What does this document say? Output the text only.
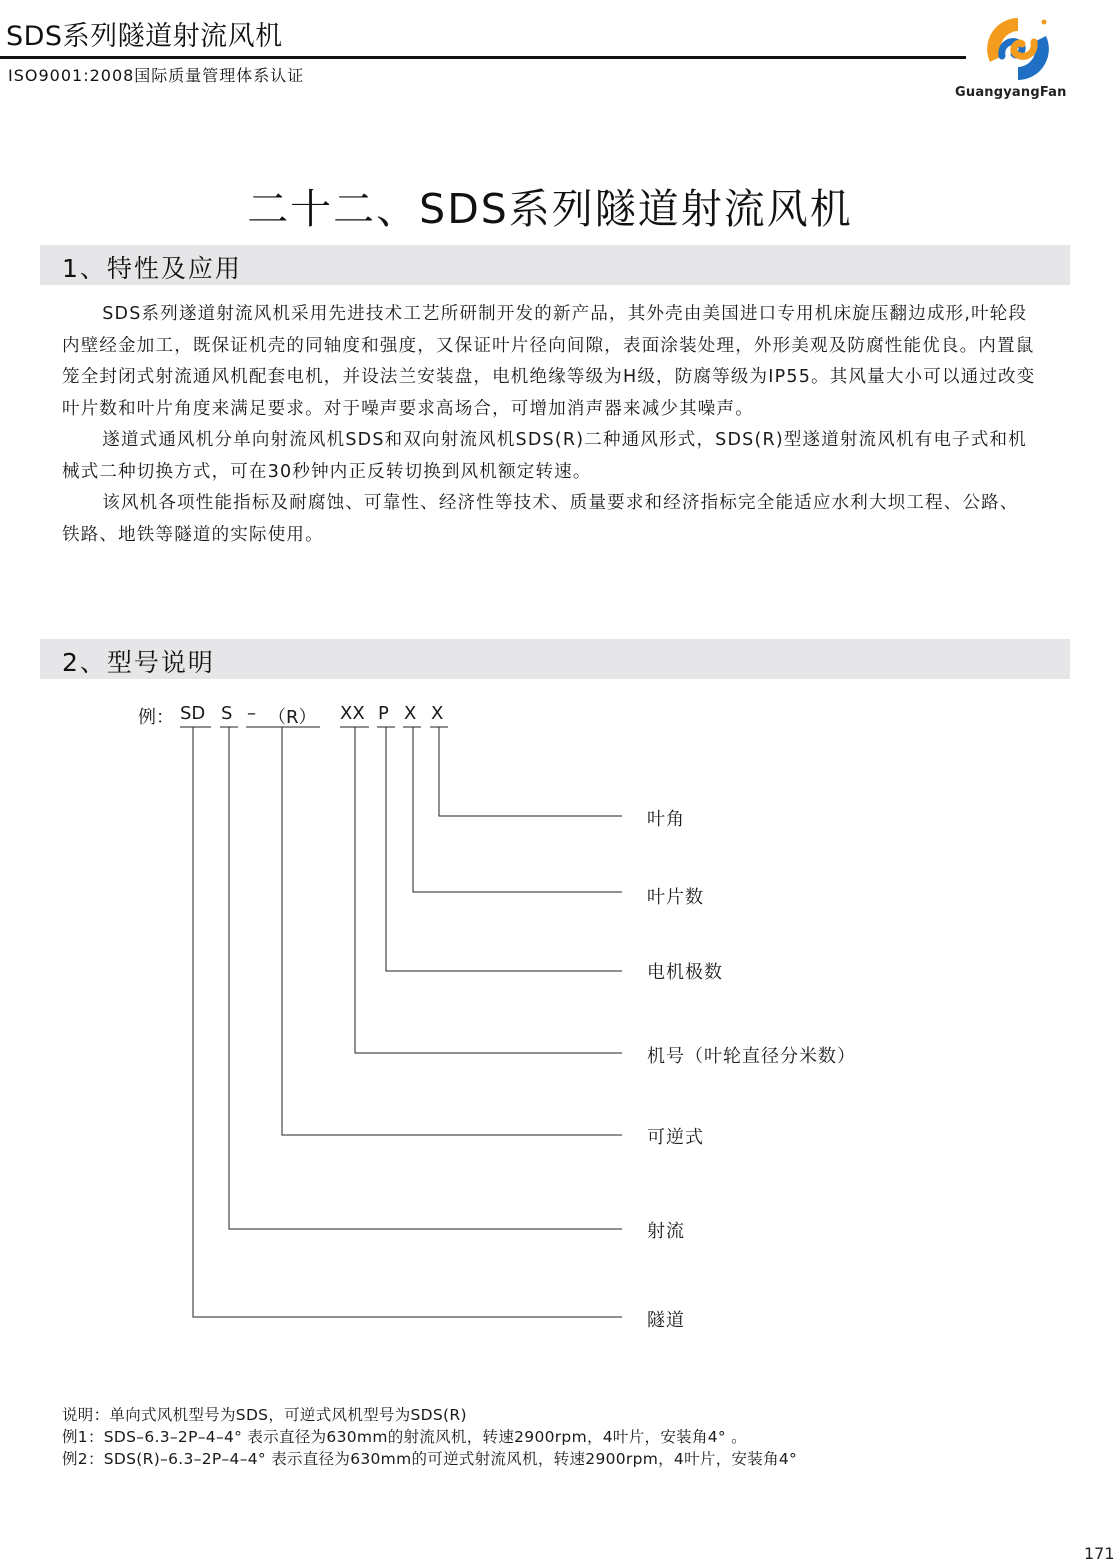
SDS系列隧道射流风机
ISO9001:2008国际质量管理体系认证
GuangyangFan
二十二、SDS系列隧道射流风机
1、特性及应用

SDS系列遂道射流风机采用先进技术工艺所研制开发的新产品，其外壳由美国进口专用机床旋压翻边成形,叶轮段内壁经金加工，既保证机壳的同轴度和强度，又保证叶片径向间隙，表面涂装处理，外形美观及防腐性能优良。内置鼠笼全封闭式射流通风机配套电机，并设法兰安装盘，电机绝缘等级为H级，防腐等级为IP55。其风量大小可以通过改变叶片数和叶片角度来满足要求。对于噪声要求高场合，可增加消声器来减少其噪声。

遂道式通风机分单向射流风机SDS和双向射流风机SDS(R)二种通风形式，SDS(R)型遂道射流风机有电子式和机械式二种切换方式，可在30秒钟内正反转切换到风机额定转速。

该风机各项性能指标及耐腐蚀、可靠性、经济性等技术、质量要求和经济指标完全能适应水利大坝工程、公路、铁路、地铁等隧道的实际使用。

2、型号说明
例： SD S – （R） XX P X X
叶角
叶片数
电机极数
机号（叶轮直径分米数）
可逆式
射流
隧道
说明：单向式风机型号为SDS，可逆式风机型号为SDS(R)
例1：SDS–6.3–2P–4–4° 表示直径为630mm的射流风机，转速2900rpm，4叶片，安装角4° 。
例2：SDS(R)–6.3–2P–4–4° 表示直径为630mm的可逆式射流风机，转速2900rpm，4叶片，安装角4°
171
